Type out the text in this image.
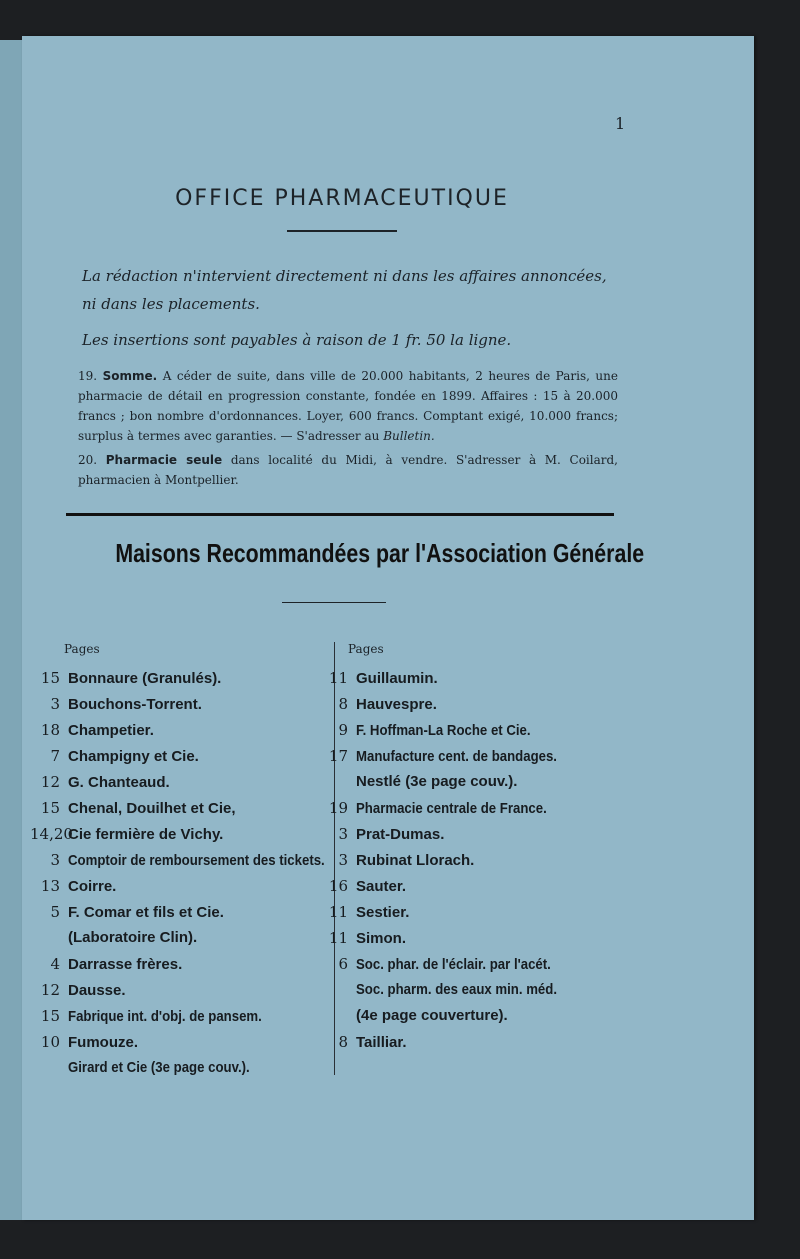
1
OFFICE PHARMACEUTIQUE
La rédaction n'intervient directement ni dans les affaires annoncées,
ni dans les placements.
Les insertions sont payables à raison de 1 fr. 50 la ligne.
19. Somme. A céder de suite, dans ville de 20.000 habitants, 2 heures de Paris, une pharmacie de détail en progression constante, fondée en 1899. Affaires : 15 à 20.000 francs ; bon nombre d'ordonnances. Loyer, 600 francs. Comptant exigé, 10.000 francs; surplus à termes avec garanties. — S'adresser au Bulletin.
20. Pharmacie seule dans localité du Midi, à vendre. S'adresser à M. Coilard, pharmacien à Montpellier.
Maisons Recommandées par l'Association Générale
Pages	Pages
15 Bonnaure (Granulés).
3 Bouchons-Torrent.
18 Champetier.
7 Champigny et Cie.
12 G. Chanteaud.
15 Chenal, Douilhet et Cie,
14,20Cie fermière de Vichy.
3 Comptoir de remboursement des tickets.
13 Coirre.
5 F. Comar et fils et Cie.
(Laboratoire Clin).
4 Darrasse frères.
12 Dausse.
15 Fabrique int. d'obj. de pansem.
10 Fumouze.
Girard et Cie (3e page couv.).
11 Guillaumin.
8 Hauvespre.
9 F. Hoffman-La Roche et Cie.
17 Manufacture cent. de bandages.
Nestlé (3e page couv.).
19 Pharmacie centrale de France.
3 Prat-Dumas.
3 Rubinat Llorach.
16 Sauter.
11 Sestier.
11 Simon.
6 Soc. phar. de l'éclair. par l'acét.
Soc. pharm. des eaux min. méd.
(4e page couverture).
8 Tailliar.
